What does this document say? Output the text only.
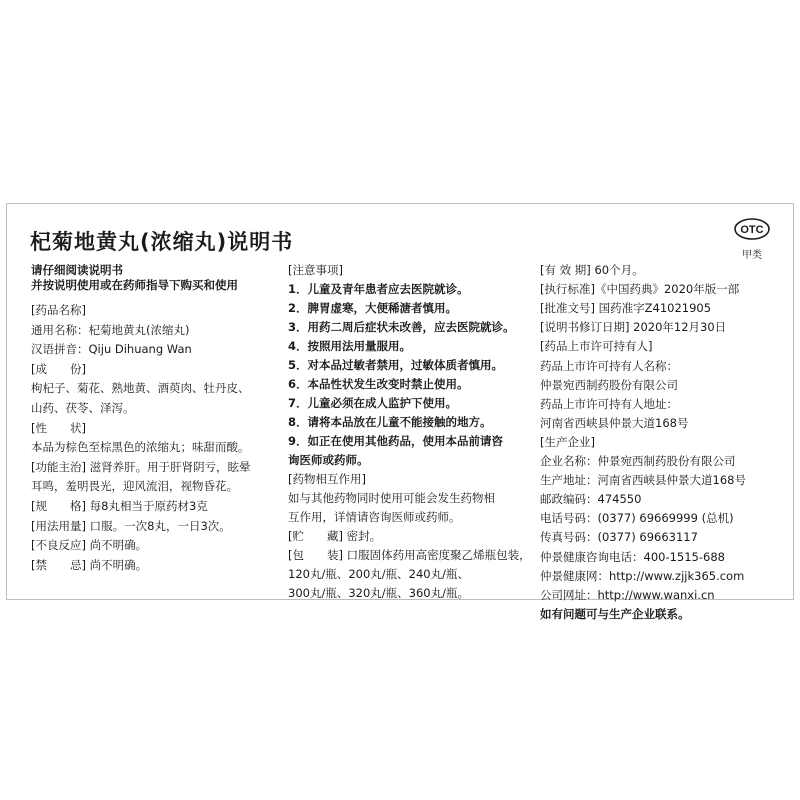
杞菊地黄丸(浓缩丸)说明书	OTC
甲类
请仔细阅读说明书
并按说明使用或在药师指导下购买和使用
[药品名称]
通用名称：杞菊地黄丸(浓缩丸)
汉语拼音：Qiju Dihuang Wan
[成　　份]
枸杞子、菊花、熟地黄、酒萸肉、牡丹皮、
山药、茯苓、泽泻。
[性　　状]
本品为棕色至棕黑色的浓缩丸；味甜而酸。
[功能主治] 滋肾养肝。用于肝肾阴亏，眩晕
耳鸣，羞明畏光，迎风流泪，视物昏花。
[规　　格] 每8丸相当于原药材3克
[用法用量] 口服。一次8丸，一日3次。
[不良反应] 尚不明确。
[禁　　忌] 尚不明确。
[注意事项]
1．儿童及青年患者应去医院就诊。
2．脾胃虚寒，大便稀溏者慎用。
3．用药二周后症状未改善，应去医院就诊。
4．按照用法用量服用。
5．对本品过敏者禁用，过敏体质者慎用。
6．本品性状发生改变时禁止使用。
7．儿童必须在成人监护下使用。
8．请将本品放在儿童不能接触的地方。
9．如正在使用其他药品，使用本品前请咨
询医师或药师。
[药物相互作用]
如与其他药物同时使用可能会发生药物相
互作用，详情请咨询医师或药师。
[贮　　藏] 密封。
[包　　装] 口服固体药用高密度聚乙烯瓶包装，
120丸/瓶、200丸/瓶、240丸/瓶、
300丸/瓶、320丸/瓶、360丸/瓶。
[有 效 期] 60个月。
[执行标准]《中国药典》2020年版一部
[批准文号] 国药准字Z41021905
[说明书修订日期] 2020年12月30日
[药品上市许可持有人]
药品上市许可持有人名称：
仲景宛西制药股份有限公司
药品上市许可持有人地址：
河南省西峡县仲景大道168号
[生产企业]
企业名称：仲景宛西制药股份有限公司
生产地址：河南省西峡县仲景大道168号
邮政编码：474550
电话号码：(0377) 69669999 (总机)
传真号码：(0377) 69663117
仲景健康咨询电话：400-1515-688
仲景健康网：http://www.zjjk365.com
公司网址：http://www.wanxi.cn
如有问题可与生产企业联系。
